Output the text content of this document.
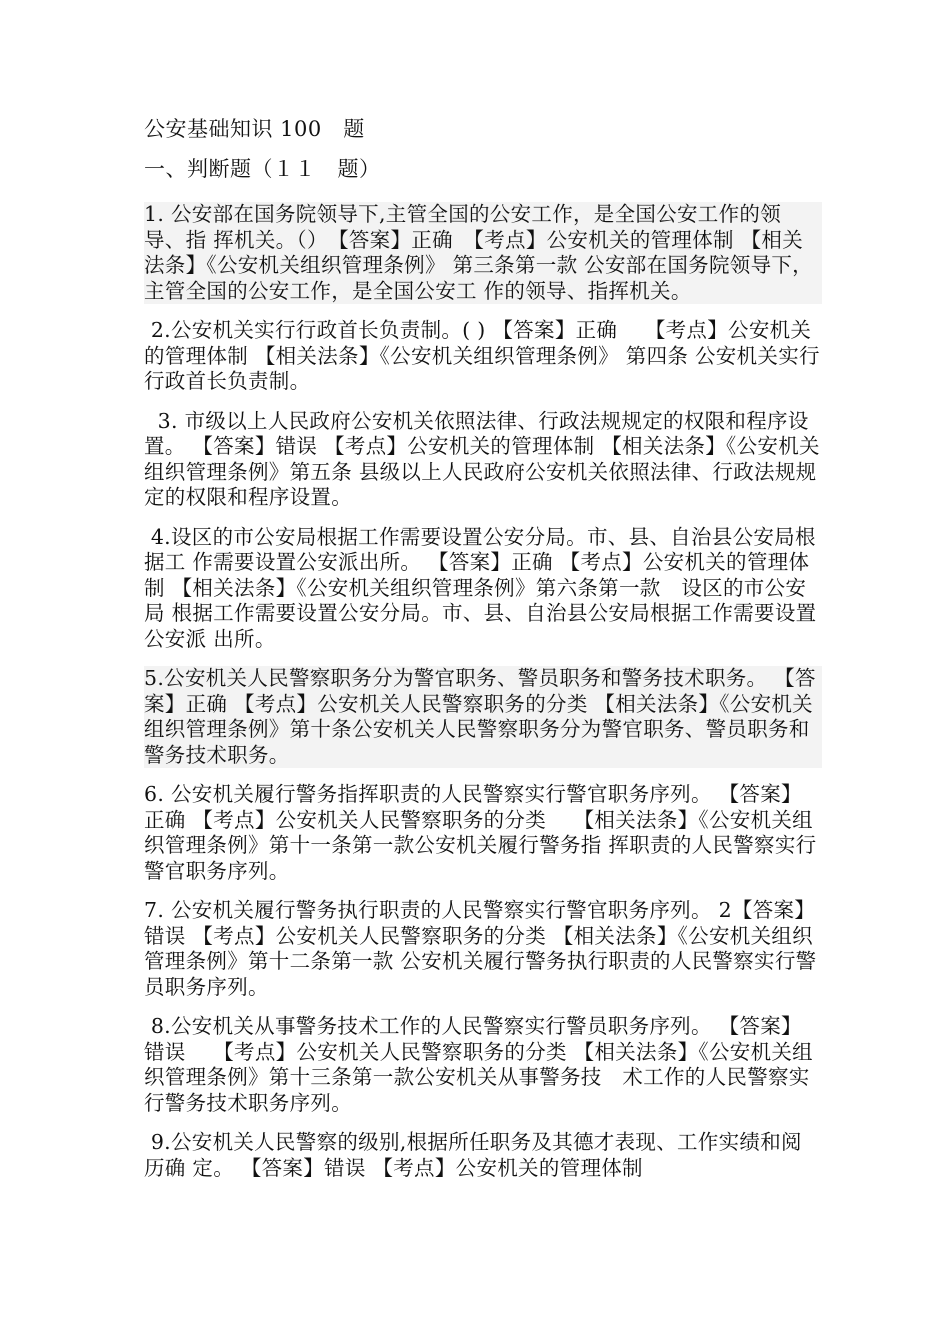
公安基础知识 100　题
一、判断题（１１　题）

1. 公安部在国务院领导下,主管全国的公安工作，是全国公安工作的领导、指 挥机关。（）　【答案】正确　【考点】公安机关的管理体制 【相关法条】《公安机关组织管理条例》 第三条第一款 公安部在国务院领导下，主管全国的公安工作，是全国公安工 作的领导、指挥机关。

2.公安机关实行行政首长负责制。( ) 【答案】正确　 【考点】公安机关的管理体制 【相关法条】《公安机关组织管理条例》 第四条 公安机关实行行政首长负责制。

3. 市级以上人民政府公安机关依照法律、行政法规规定的权限和程序设置。 【答案】错误 【考点】公安机关的管理体制 【相关法条】《公安机关组织管理条例》第五条 县级以上人民政府公安机关依照法律、行政法规规定的权限和程序设置。

4.设区的市公安局根据工作需要设置公安分局。市、县、自治县公安局根据工 作需要设置公安派出所。 【答案】正确 【考点】公安机关的管理体制 【相关法条】《公安机关组织管理条例》第六条第一款　设区的市公安局 根据工作需要设置公安分局。市、县、自治县公安局根据工作需要设置公安派 出所。

5.公安机关人民警察职务分为警官职务、警员职务和警务技术职务。 【答案】正确 【考点】公安机关人民警察职务的分类 【相关法条】《公安机关组织管理条例》第十条公安机关人民警察职务分为警官职务、警员职务和警务技术职务。

6. 公安机关履行警务指挥职责的人民警察实行警官职务序列。 【答案】正确 【考点】公安机关人民警察职务的分类　 【相关法条】《公安机关组织管理条例》第十一条第一款公安机关履行警务指 挥职责的人民警察实行警官职务序列。

7. 公安机关履行警务执行职责的人民警察实行警官职务序列。 2【答案】错误 【考点】公安机关人民警察职务的分类 【相关法条】《公安机关组织管理条例》第十二条第一款 公安机关履行警务执行职责的人民警察实行警员职务序列。

8.公安机关从事警务技术工作的人民警察实行警员职务序列。 【答案】错误　 【考点】公安机关人民警察职务的分类 【相关法条】《公安机关组织管理条例》第十三条第一款公安机关从事警务技　术工作的人民警察实行警务技术职务序列。

9.公安机关人民警察的级别,根据所任职务及其德才表现、工作实绩和阅历确 定。 【答案】错误 【考点】公安机关的管理体制
